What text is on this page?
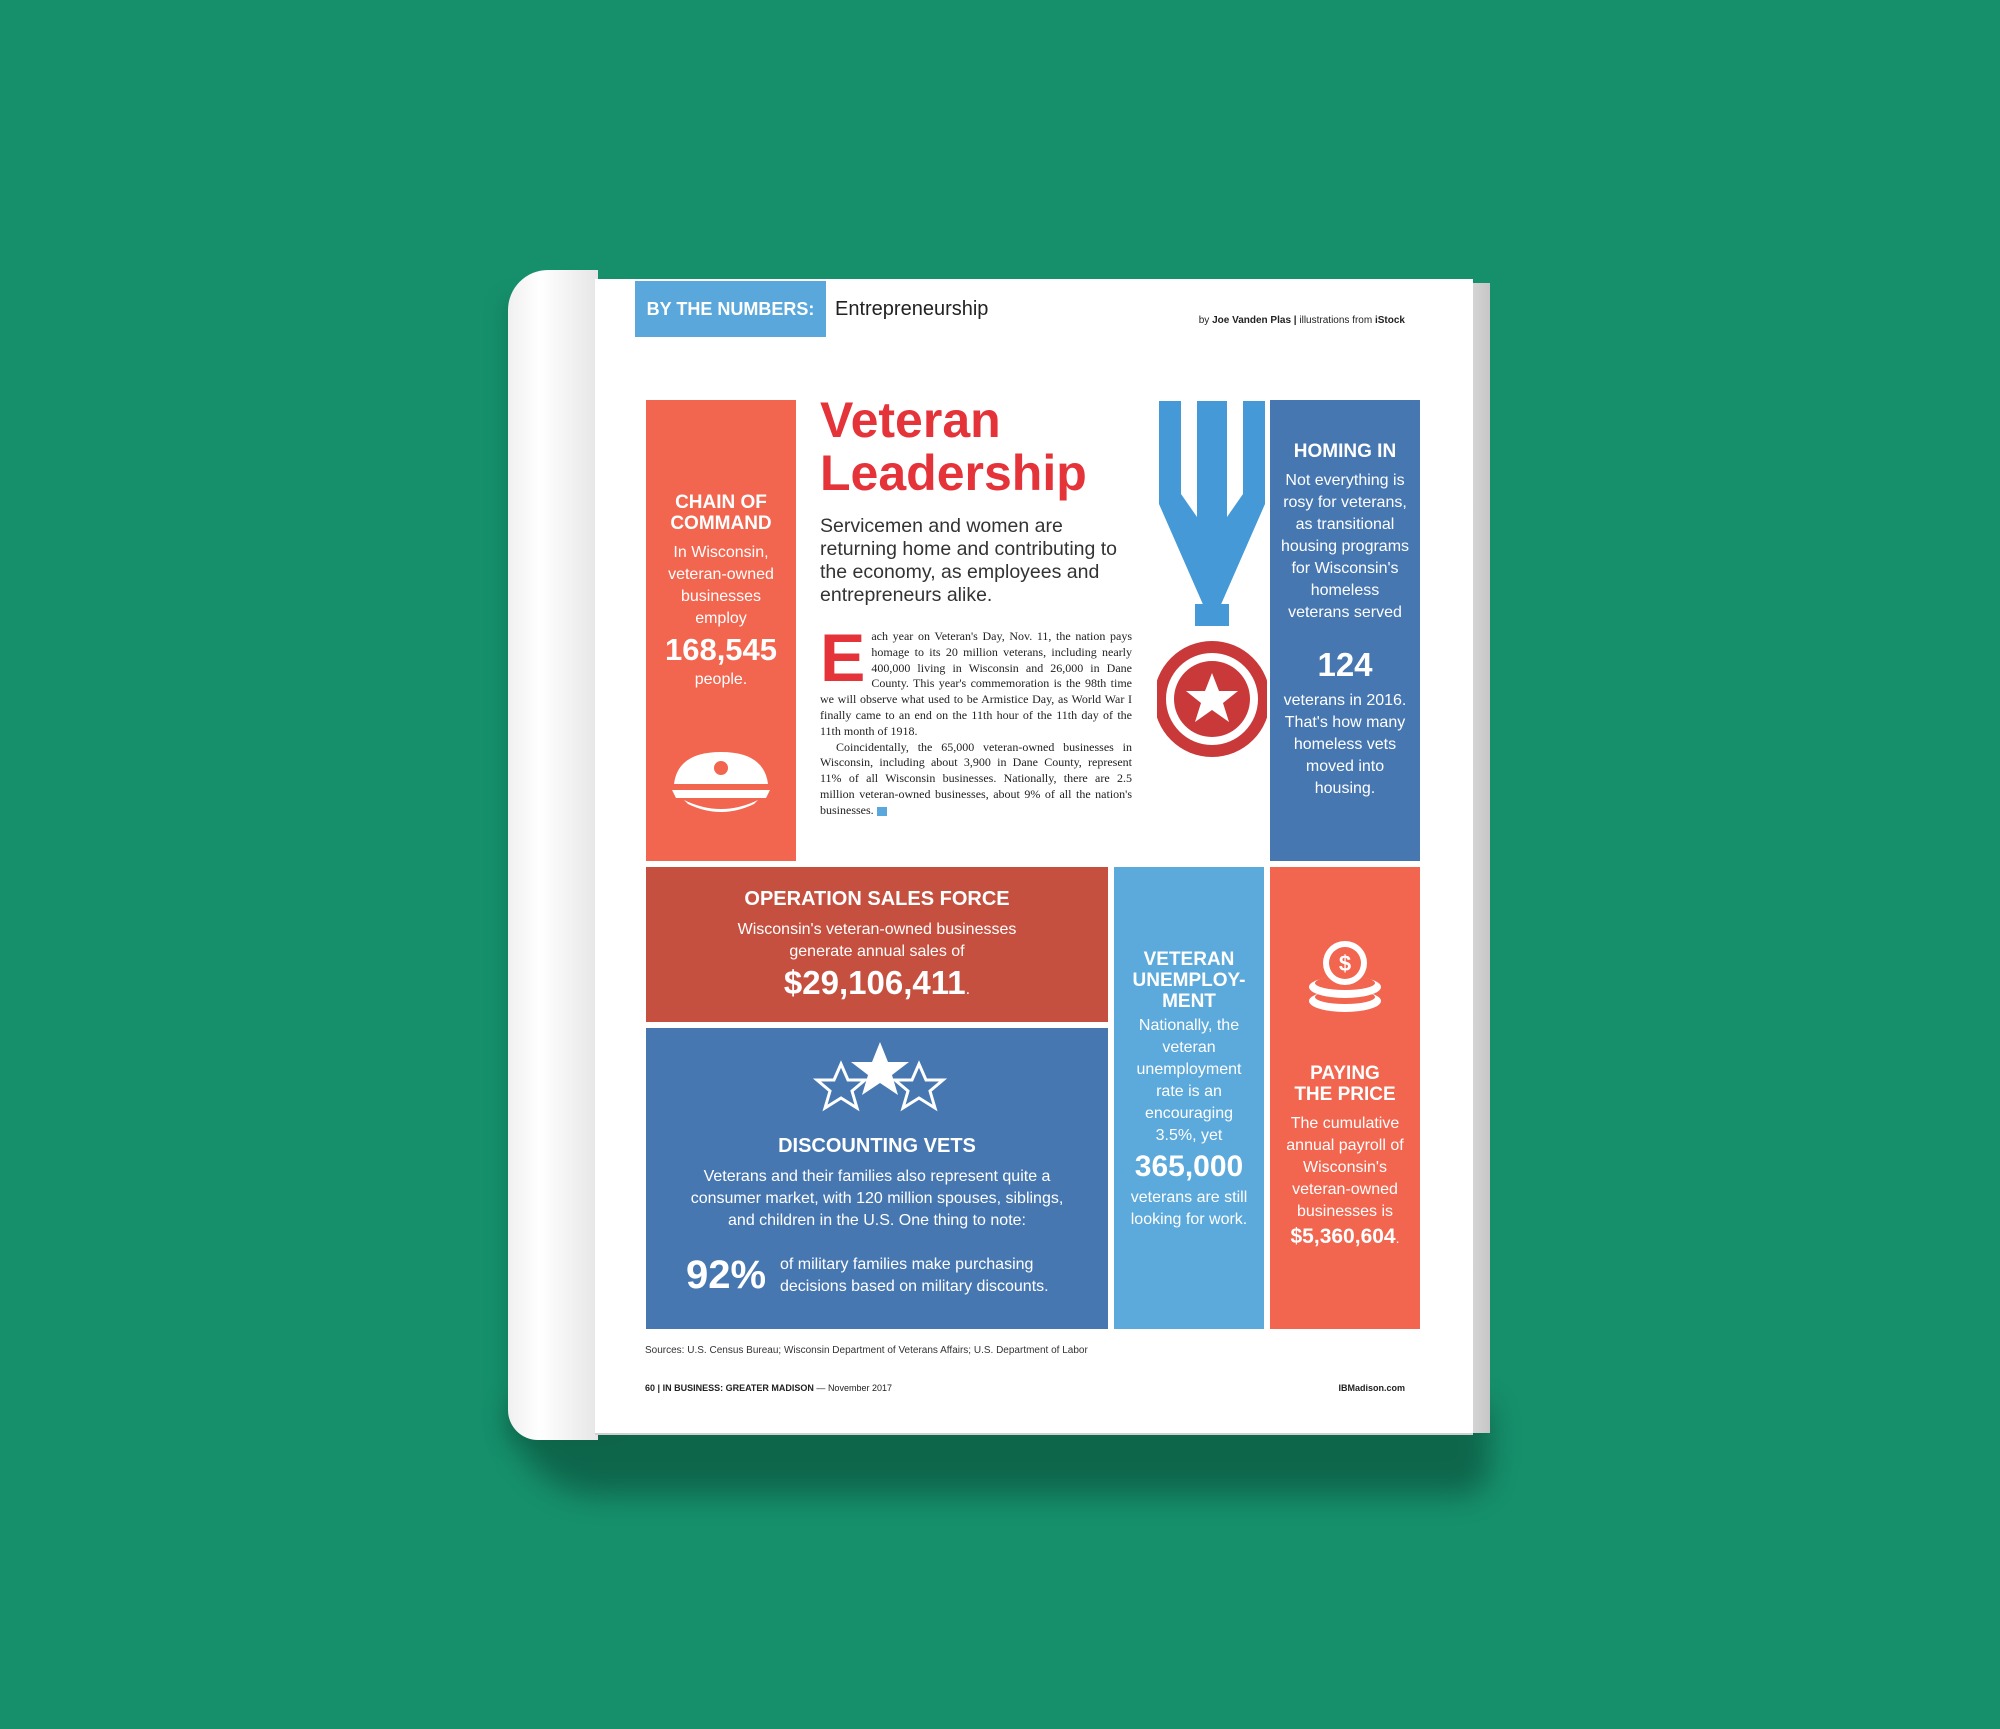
BY THE NUMBERS:	Entrepreneurship
by Joe Vanden Plas | illustrations from iStock
CHAIN OF COMMAND
In Wisconsin, veteran-owned businesses employ
168,545
people.
Veteran Leadership
Servicemen and women are returning home and contributing to the economy, as employees and entrepreneurs alike.
E ach year on Veteran's Day, Nov. 11, the nation pays homage to its 20 million veterans, including nearly 400,000 living in Wisconsin and 26,000 in Dane County. This year's commemoration is the 98th time we will observe what used to be Armistice Day, as World War I finally came to an end on the 11th hour of the 11th day of the 11th month of 1918.
Coincidentally, the 65,000 veteran-owned businesses in Wisconsin, including about 3,900 in Dane County, represent 11% of all Wisconsin businesses. Nationally, there are 2.5 million veteran-owned businesses, about 9% of all the nation's businesses.
HOMING IN
Not everything is rosy for veterans, as transitional housing programs for Wisconsin's homeless veterans served
124
veterans in 2016. That's how many homeless vets moved into housing.
OPERATION SALES FORCE
Wisconsin's veteran-owned businesses generate annual sales of
$29,106,411.
VETERAN UNEMPLOY- MENT
Nationally, the veteran unemployment rate is an encouraging 3.5%, yet
365,000
veterans are still looking for work.
$
PAYING THE PRICE
The cumulative annual payroll of Wisconsin's veteran-owned businesses is
$5,360,604.
DISCOUNTING VETS
Veterans and their families also represent quite a consumer market, with 120 million spouses, siblings, and children in the U.S. One thing to note:
92% of military families make purchasing decisions based on military discounts.
Sources: U.S. Census Bureau; Wisconsin Department of Veterans Affairs; U.S. Department of Labor
60 | IN BUSINESS: GREATER MADISON — November 2017	IBMadison.com
